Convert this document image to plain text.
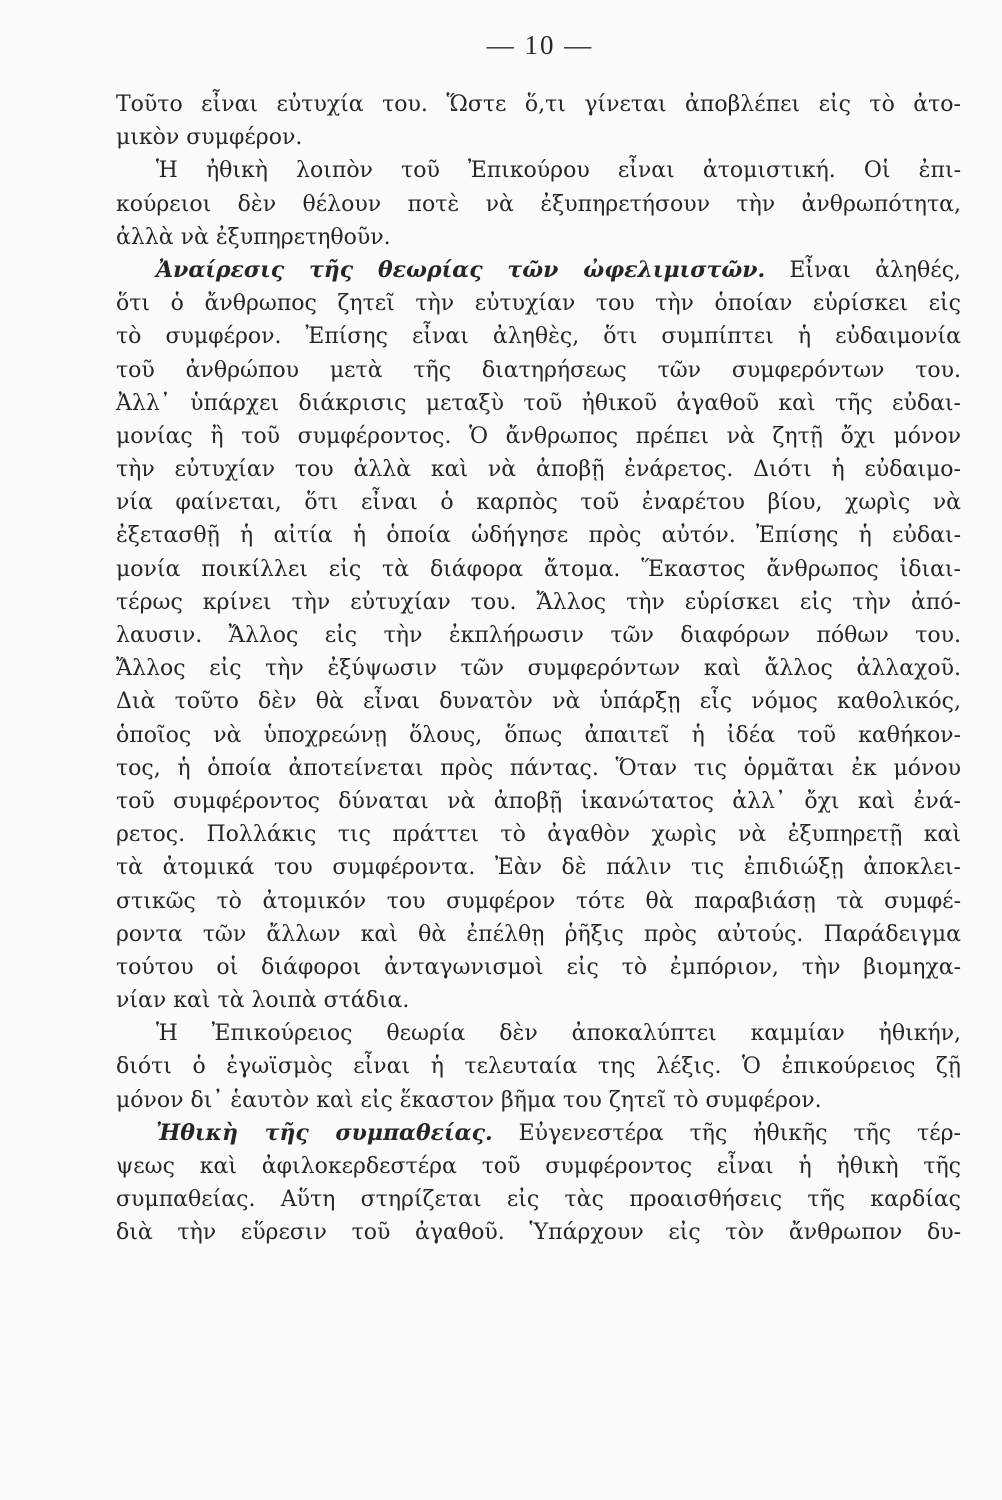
— 10 —
Τοῦτο εἶναι εὐτυχία του. Ὥστε ὅ,τι γίνεται ἀποβλέπει εἰς τὸ ἀτο-
μικὸν συμφέρον.
Ἡ ἠθικὴ λοιπὸν τοῦ Ἐπικούρου εἶναι ἀτομιστική. Οἱ ἐπι-
κούρειοι δὲν θέλουν ποτὲ νὰ ἐξυπηρετήσουν τὴν ἀνθρωπότητα,
ἀλλὰ νὰ ἐξυπηρετηθοῦν.
Ἀναίρεσις τῆς θεωρίας τῶν ὠφελιμιστῶν. Εἶναι ἀληθές,
ὅτι ὁ ἄνθρωπος ζητεῖ τὴν εὐτυχίαν του τὴν ὁποίαν εὑρίσκει εἰς
τὸ συμφέρον. Ἐπίσης εἶναι ἀληθὲς, ὅτι συμπίπτει ἡ εὐδαιμονία
τοῦ ἀνθρώπου μετὰ τῆς διατηρήσεως τῶν συμφερόντων του.
Ἀλλ᾽ ὑπάρχει διάκρισις μεταξὺ τοῦ ἠθικοῦ ἀγαθοῦ καὶ τῆς εὐδαι-
μονίας ἢ τοῦ συμφέροντος. Ὁ ἄνθρωπος πρέπει νὰ ζητῇ ὄχι μόνον
τὴν εὐτυχίαν του ἀλλὰ καὶ νὰ ἀποβῇ ἐνάρετος. Διότι ἡ εὐδαιμο-
νία φαίνεται, ὅτι εἶναι ὁ καρπὸς τοῦ ἐναρέτου βίου, χωρὶς νὰ
ἐξετασθῇ ἡ αἰτία ἡ ὁποία ὡδήγησε πρὸς αὐτόν. Ἐπίσης ἡ εὐδαι-
μονία ποικίλλει εἰς τὰ διάφορα ἄτομα. Ἕκαστος ἄνθρωπος ἰδιαι-
τέρως κρίνει τὴν εὐτυχίαν του. Ἄλλος τὴν εὑρίσκει εἰς τὴν ἀπό-
λαυσιν. Ἄλλος εἰς τὴν ἐκπλήρωσιν τῶν διαφόρων πόθων του.
Ἄλλος εἰς τὴν ἐξύψωσιν τῶν συμφερόντων καὶ ἄλλος ἀλλαχοῦ.
Διὰ τοῦτο δὲν θὰ εἶναι δυνατὸν νὰ ὑπάρξῃ εἷς νόμος καθολικός,
ὁποῖος νὰ ὑποχρεώνῃ ὅλους, ὅπως ἀπαιτεῖ ἡ ἰδέα τοῦ καθήκον-
τος, ἡ ὁποία ἀποτείνεται πρὸς πάντας. Ὅταν τις ὁρμᾶται ἐκ μόνου
τοῦ συμφέροντος δύναται νὰ ἀποβῇ ἱκανώτατος ἀλλ᾽ ὄχι καὶ ἐνά-
ρετος. Πολλάκις τις πράττει τὸ ἀγαθὸν χωρὶς νὰ ἐξυπηρετῇ καὶ
τὰ ἀτομικά του συμφέροντα. Ἐὰν δὲ πάλιν τις ἐπιδιώξῃ ἀποκλει-
στικῶς τὸ ἀτομικόν του συμφέρον τότε θὰ παραβιάσῃ τὰ συμφέ-
ροντα τῶν ἄλλων καὶ θὰ ἐπέλθῃ ῥῆξις πρὸς αὐτούς. Παράδειγμα
τούτου οἱ διάφοροι ἀνταγωνισμοὶ εἰς τὸ ἐμπόριον, τὴν βιομηχα-
νίαν καὶ τὰ λοιπὰ στάδια.
Ἡ Ἐπικούρειος θεωρία δὲν ἀποκαλύπτει καμμίαν ἠθικήν,
διότι ὁ ἐγωϊσμὸς εἶναι ἡ τελευταία της λέξις. Ὁ ἐπικούρειος ζῇ
μόνον δι᾽ ἑαυτὸν καὶ εἰς ἕκαστον βῆμα του ζητεῖ τὸ συμφέρον.
Ἠθικὴ τῆς συμπαθείας. Εὐγενεστέρα τῆς ἠθικῆς τῆς τέρ-
ψεως καὶ ἀφιλοκερδεστέρα τοῦ συμφέροντος εἶναι ἡ ἠθικὴ τῆς
συμπαθείας. Αὕτη στηρίζεται εἰς τὰς προαισθήσεις τῆς καρδίας
διὰ τὴν εὕρεσιν τοῦ ἀγαθοῦ. Ὑπάρχουν εἰς τὸν ἄνθρωπον δυ-
